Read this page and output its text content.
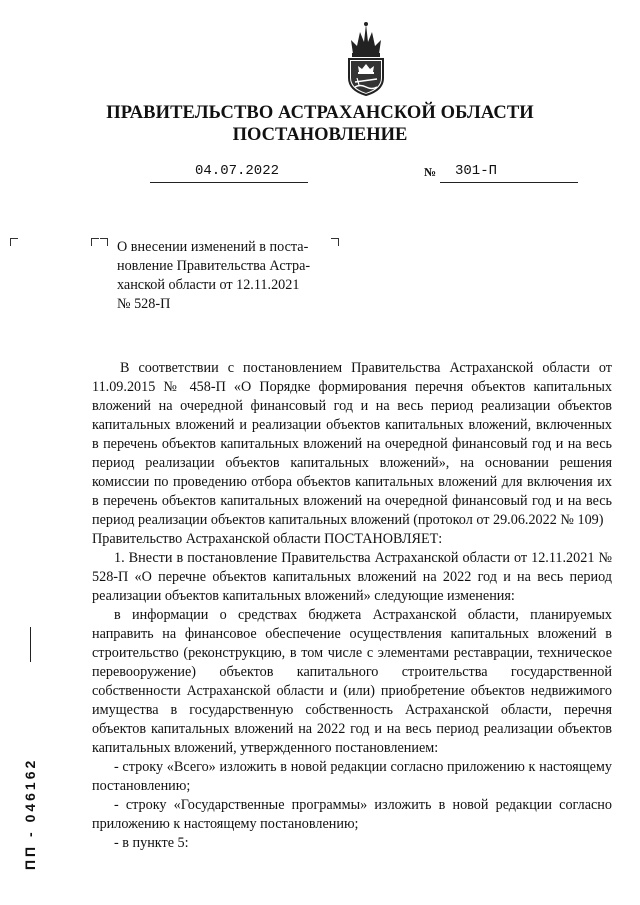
ПРАВИТЕЛЬСТВО АСТРАХАНСКОЙ ОБЛАСТИ
ПОСТАНОВЛЕНИЕ
04.07.2022	№ 301-П
О внесении изменений в поста-
новление Правительства Астра-
ханской области от 12.11.2021
№ 528-П

В соответствии с постановлением Правительства Астраханской области от 11.09.2015 № 458-П «О Порядке формирования перечня объектов капитальных вложений на очередной финансовый год и на весь период реализации объектов капитальных вложений и реализации объектов капитальных вложений, включенных в перечень объектов капитальных вложений на очередной финансовый год и на весь период реализации объектов капитальных вложений», на основании решения комиссии по проведению отбора объектов капитальных вложений для включения их в перечень объектов капитальных вложений на очередной финансовый год и на весь период реализации объектов капитальных вложений (протокол от 29.06.2022 № 109)

Правительство Астраханской области ПОСТАНОВЛЯЕТ:

1. Внести в постановление Правительства Астраханской области от 12.11.2021 № 528-П «О перечне объектов капитальных вложений на 2022 год и на весь период реализации объектов капитальных вложений» следующие изменения:

в информации о средствах бюджета Астраханской области, планируемых направить на финансовое обеспечение осуществления капитальных вложений в строительство (реконструкцию, в том числе с элементами реставрации, техническое перевооружение) объектов капитального строительства государственной собственности Астраханской области и (или) приобретение объектов недвижимого имущества в государственную собственность Астраханской области, перечня объектов капитальных вложений на 2022 год и на весь период реализации объектов капитальных вложений, утвержденного постановлением:

- строку «Всего» изложить в новой редакции согласно приложению к настоящему постановлению;

- строку «Государственные программы» изложить в новой редакции согласно приложению к настоящему постановлению;

- в пункте 5:

ПП - 046162
